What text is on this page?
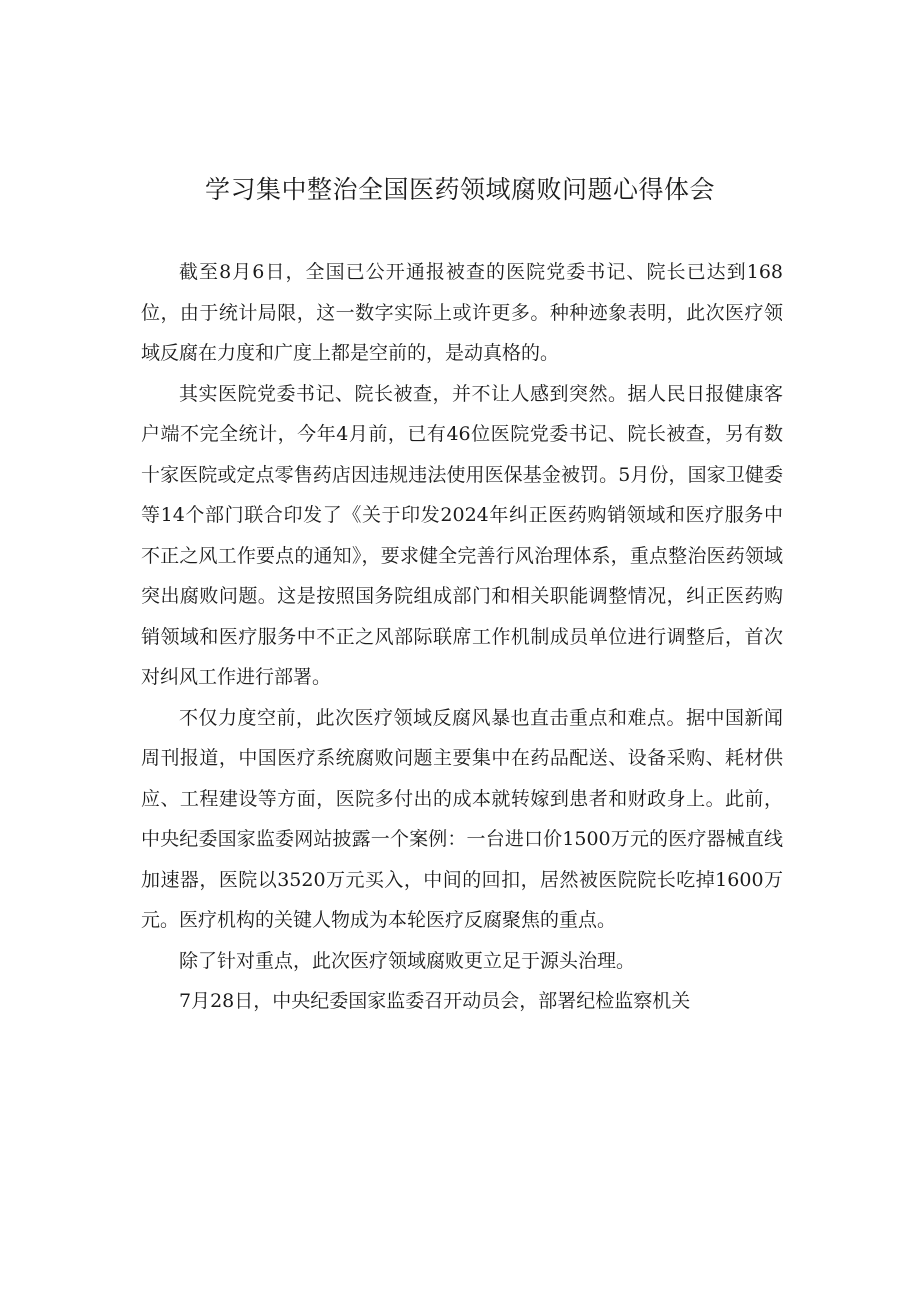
学习集中整治全国医药领域腐败问题心得体会

截至8月6日，全国已公开通报被查的医院党委书记、院长已达到168位，由于统计局限，这一数字实际上或许更多。种种迹象表明，此次医疗领域反腐在力度和广度上都是空前的，是动真格的。

其实医院党委书记、院长被查，并不让人感到突然。据人民日报健康客户端不完全统计，今年4月前，已有46位医院党委书记、院长被查，另有数十家医院或定点零售药店因违规违法使用医保基金被罚。5月份，国家卫健委等14个部门联合印发了《关于印发2024年纠正医药购销领域和医疗服务中不正之风工作要点的通知》，要求健全完善行风治理体系，重点整治医药领域突出腐败问题。这是按照国务院组成部门和相关职能调整情况，纠正医药购销领域和医疗服务中不正之风部际联席工作机制成员单位进行调整后，首次对纠风工作进行部署。

不仅力度空前，此次医疗领域反腐风暴也直击重点和难点。据中国新闻周刊报道，中国医疗系统腐败问题主要集中在药品配送、设备采购、耗材供应、工程建设等方面，医院多付出的成本就转嫁到患者和财政身上。此前，中央纪委国家监委网站披露一个案例：一台进口价1500万元的医疗器械直线加速器，医院以3520万元买入，中间的回扣，居然被医院院长吃掉1600万元。医疗机构的关键人物成为本轮医疗反腐聚焦的重点。

除了针对重点，此次医疗领域腐败更立足于源头治理。

7月28日，中央纪委国家监委召开动员会，部署纪检监察机关
